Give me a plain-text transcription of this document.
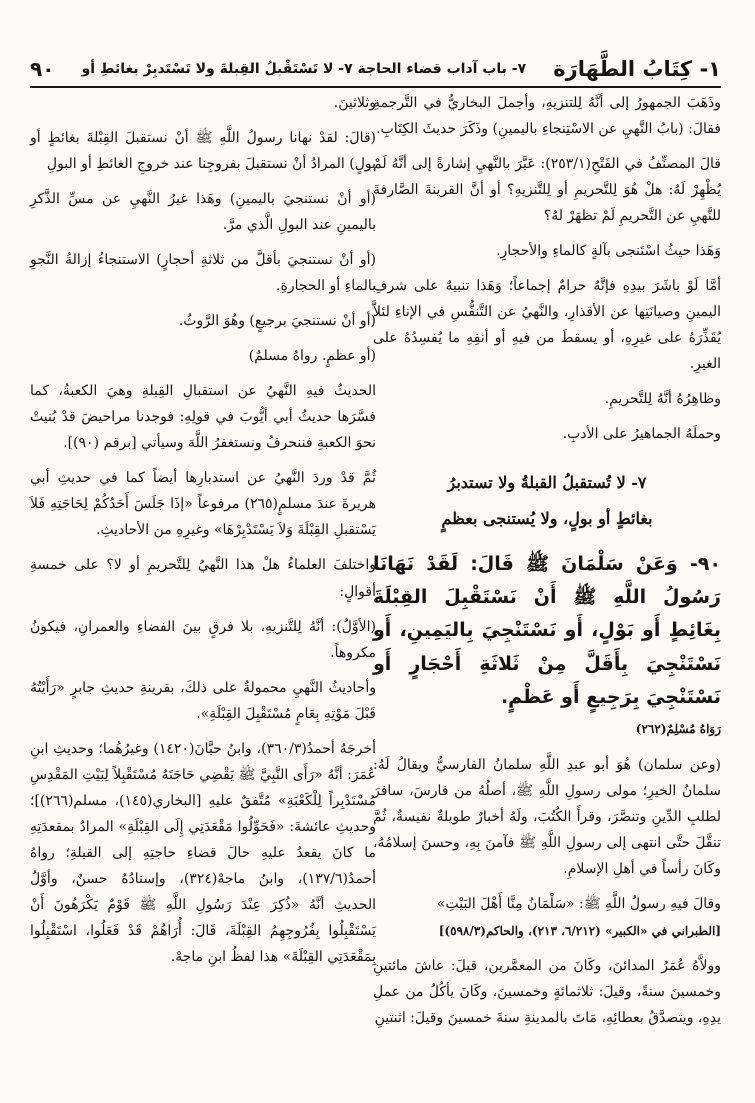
١- كِتَابُ الطَّهَارَة
٧- باب آداب قضاء الحاجة ٧- لا تَسْتَقْبلُ القِبلةَ ولا تَسْتَدبِرْ بغائطِ أو
٩٠

وذَهَبَ الجمهورُ إلى أنَّهُ لِلتنزيهِ، وأجملَ البخاريُّ في التَّرجمةِ فقالَ: (بابُ النَّهيِ عن الاسْتِنجاءِ باليمينِ) وذَكَرَ حديثَ الكِتَابِ.

قالَ المصنِّفُ في الفَتْحِ(٢٥٣/١): عَبَّرَ بالنَّهيِ إشارةً إلى أنَّهُ لَمْ يُظْهِرْ لَهُ: هلْ هُوَ لِلتَّحريمِ أو لِلتَّنزيهِ؟ أو أنَّ القرينةَ الصَّارفةَ للنَّهيِ عن التَّحريمِ لَمْ تظهَرْ لهُ؟

وَهَذا حيثُ اسْتَنجى بآلةٍ كالماءِ والأحجارِ.

أمَّا لَوْ باشَرَ بيدِهِ فإنَّهُ حرامٌ إجماعاً؛ وَهَذا تنبيهٌ على شرفِ اليمينِ وصيانَتِها عن الأقذارِ، والنَّهيُ عن التَّنفُّسِ في الإناءِ لئلاَّ يُقَذِّرَهُ على غيرِهِ، أو يسقطَ من فيهِ أو أنفِهِ ما يُفسِدُهُ على الغيرِ.

وظاهِرُهُ أنَّهُ لِلتَّحريمِ.

وحملَهُ الجماهيرُ على الأدبِ.

٧- لا تُستقبلُ القبلةُ ولا تستدبرُ
بغائطٍ أو بولٍ، ولا يُستنجى بعظمٍ
٩٠- وَعَنْ سَلْمَانَ ﷺ قَالَ: لَقَدْ نَهَانَا رَسُولُ اللَّهِ ﷺ أَنْ نَسْتَقْبِلَ القِبْلَةَ بِغَائِطٍ أَو بَوْلٍ، أَو نَسْتَنْجِيَ بِاليَمِينِ، أَو نَسْتَنْجِيَ بِأَقَلَّ مِنْ ثَلاثَةِ أَحْجَارٍ أَو نَسْتَنْجِيَ بِرَجِيعٍ أَو عَظْمٍ.
رَوَاهُ مُسْلِمٌ(٢٦٢)

(وعن سلمان) هُوَ أبو عبدِ اللَّهِ سلمانُ الفارسيُّ ويقالُ لَهُ: سلمانُ الخيرِ؛ مولى رسولِ اللَّهِ ﷺ، أصلُهُ من فارسَ، سافرَ لطلبِ الدِّينِ وتنصَّرَ، وقرأَ الكُتُبَ، ولَهُ أخبارٌ طويلةٌ نفيسةٌ، ثُمَّ تنقَّلَ حتَّى انتهى إلى رسولِ اللَّهِ ﷺ فآمنَ بِهِ، وحسنَ إسلامُهُ، وكَانَ رأساً في أهلِ الإسلامِ.

وقالَ فيهِ رسولُ اللَّهِ ﷺ: «سَلْمَانُ مِنَّا أَهْلَ البَيْتِ»
[الطبراني في «الكبير» (٦/٢١٢، ٢١٣)، والحاكم(٥٩٨/٣)]

وولاَّهُ عُمَرُ المدائنَ، وكَانَ من المعمَّرين، قيلَ: عاشَ مائتينِ وخمسينَ سنةً، وقيلَ: ثلاثمائةٍ وخمسينَ، وكَانَ يأكُلُ من عملِ يدِهِ، ويتصدَّقُ بعطائِهِ، مَاتَ بالمدينةِ سنةَ خمسينَ وقيلَ: اثنتينِ

وثلاثينَ.

(قالَ: لقدْ نهانا رسولُ اللَّهِ ﷺ أنْ نستقبلَ القِبْلةَ بغائطٍ أو بولٍ) المرادُ أنْ نستقبلَ بفروجِنا عند خروجِ الغائطِ أو البولِ

(أو أنْ نستنجيَ باليمينِ) وهَذا غيرُ النَّهيِ عن مسِّ الذَّكرِ باليمينِ عند البولِ الَّذي مرَّ.

(أو أنْ نستنجيَ بأقلَّ من ثلاثةِ أحجارٍ) الاستنجاءُ إزالةُ النَّجوِ بالماءِ أو الحجارةِ.

(أو أنْ نستنجيَ برجيعٍ) وهُوَ الرَّوثُ.

(أو عظمٍ. رواهُ مسلمٌ)

الحديثُ فيهِ النَّهيُ عن استقبالِ القِبلةِ وهيَ الكعبةُ، كما فسَّرَها حديثُ أبي أيُّوبَ في قولِهِ: فوجدنا مراحيضَ قدْ بُنيتْ نحوَ الكعبةِ فننحرفُ ونستغفرُ اللَّهَ وسيأتي [برقم (٩٠)].

ثُمَّ قدْ وردَ النَّهيُ عن استدبارِها أيضاً كما في حديثِ أبي هريرةَ عندَ مسلمٍ(٢٦٥) مرفوعاً «إذَا جَلَسَ أَحَدُكُمْ لِحَاجَتِهِ فَلاَ يَسْتقبلِ القِبْلَةَ وَلاَ يَسْتَدْبِرْهَا» وغيرِهِ من الأحاديثِ.

واختلفَ العلماءُ هلْ هذا النَّهيُ لِلتَّحريمِ أو لا؟ على خمسةِ أقوالٍ:

(الأوَّلُ): أنَّهُ لِلتَّنزيهِ، بلا فرقٍ بينَ الفضاءِ والعمرانِ، فيكونُ مكروهاً.

وأحاديثُ النَّهيِ محمولةٌ على ذلكَ، بقرينةِ حديثِ جابرٍ «رَأَيْتُهُ قَبْلَ مَوْتِهِ بِعَامٍ مُسْتَقْبِلَ القِبْلَةِ».

أخرجَهُ أحمدُ(٣٦٠/٣)، وابنُ حبَّانَ(١٤٢٠) وغيرُهُما؛ وحديثِ ابنِ عُمَرَ: أنَّهُ «رَأَى النَّبِيَّ ﷺ يَقْضِي حَاجَتَهُ مُسْتَقْبِلاً لِبَيْتِ المَقْدِسِ مُسْتَدْبِراً لِلْكَعْبَةِ» مُتَّفقٌ عليهِ [البخاري(١٤٥)، مسلم(٢٦٦)]؛ وحديثِ عائشةَ: «فَحَوِّلُوا مَقْعَدَتِي إِلَى القِبْلَةِ» المرادُ بمقعدَتِهِ ما كانَ يقعدُ عليهِ حالَ قضاءِ حاجتِهِ إلى القبلةِ؛ رواهُ أحمدُ(١٣٧/٦)، وابنُ ماجهْ(٣٢٤)، وإسنادُهُ حسنٌ، وأوَّلُ الحديثِ أنَّهُ «ذُكِرَ عِنْدَ رَسُولِ اللَّهِ ﷺ قَوْمٌ يَكْرَهُونَ أَنْ يَسْتَقْبِلُوا بِفُرُوجِهِمُ القِبْلَةَ، قَالَ: أُرَاهُمْ قَدْ فَعَلُوا، اسْتَقْبِلُوا بِمَقْعَدَتِي القِبْلَةَ» هذا لفظُ ابنِ ماجهْ.
